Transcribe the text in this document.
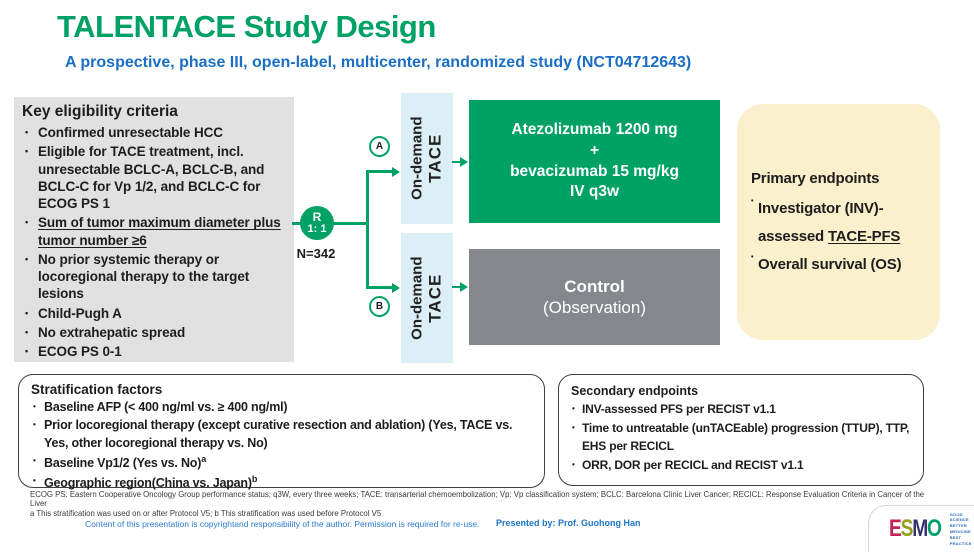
TALENTACE Study Design
A prospective, phase III, open-label, multicenter, randomized study (NCT04712643)
Key eligibility criteria
• Confirmed unresectable HCC
• Eligible for TACE treatment, incl. unresectable BCLC-A, BCLC-B, and BCLC-C for Vp 1/2, and BCLC-C for ECOG PS 1
• Sum of tumor maximum diameter plus tumor number ≥6
• No prior systemic therapy or locoregional therapy to the target lesions
• Child-Pugh A
• No extrahepatic spread
• ECOG PS 0-1
R
1: 1
N=342
A
B
On-demand TACE
On-demand TACE
Atezolizumab 1200 mg
+
bevacizumab 15 mg/kg
IV q3w
Control
(Observation)
Primary endpoints
• Investigator (INV)-
assessed TACE-PFS
• Overall survival (OS)
Stratification factors
• Baseline AFP (< 400 ng/ml vs. ≥ 400 ng/ml)
• Prior locoregional therapy (except curative resection and ablation) (Yes, TACE vs. Yes, other locoregional therapy vs. No)
• Baseline Vp1/2 (Yes vs. No)$^a$
• Geographic region(China vs. Japan)$^b$
Secondary endpoints
• INV-assessed PFS per RECIST v1.1
• Time to untreatable (unTACEable) progression (TTUP), TTP, EHS per RECICL
• ORR, DOR per RECICL and RECIST v1.1
ECOG PS: Eastern Cooperative Oncology Group performance status; q3W, every three weeks; TACE: transarterial chemoembolization; Vp: Vp classification system; BCLC: Barcelona Clinic Liver Cancer; RECICL: Response Evaluation Criteria in Cancer of the Liver
a This stratification was used on or after Protocol V5; b This stratification was used before Protocol V5
Content of this presentation is copyrightand responsibility of the author. Permission is required for re-use. Presented by: Prof. Guohong Han	ESMO
GOOD SCIENCE
BETTER MEDICINE
BEST PRACTICE
